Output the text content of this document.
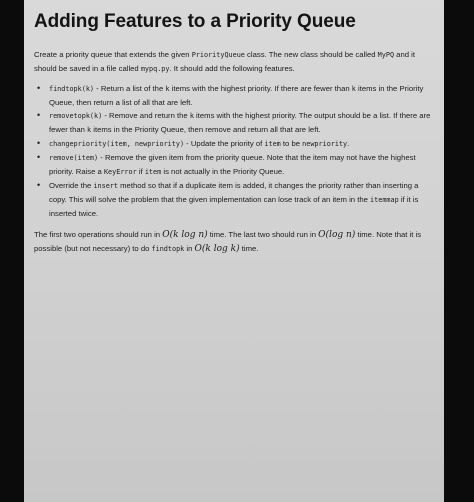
Adding Features to a Priority Queue

Create a priority queue that extends the given PriorityQueue class. The new class should be called MyPQ and it should be saved in a file called mypq.py. It should add the following features.

• findtopk(k) - Return a list of the k items with the highest priority. If there are fewer than k items in the Priority Queue, then return a list of all that are left.
• removetopk(k) - Remove and return the k items with the highest priority. The output should be a list. If there are fewer than k items in the Priority Queue, then remove and return all that are left.
• changepriority(item, newpriority) - Update the priority of item to be newpriority.
• remove(item) - Remove the given item from the priority queue. Note that the item may not have the highest priority. Raise a KeyError if item is not actually in the Priority Queue.
• Override the insert method so that if a duplicate item is added, it changes the priority rather than inserting a copy. This will solve the problem that the given implementation can lose track of an item in the itemmap if it is inserted twice.

The first two operations should run in O(k log n) time. The last two should run in O(log n) time. Note that it is possible (but not necessary) to do findtopk in O(k log k) time.
